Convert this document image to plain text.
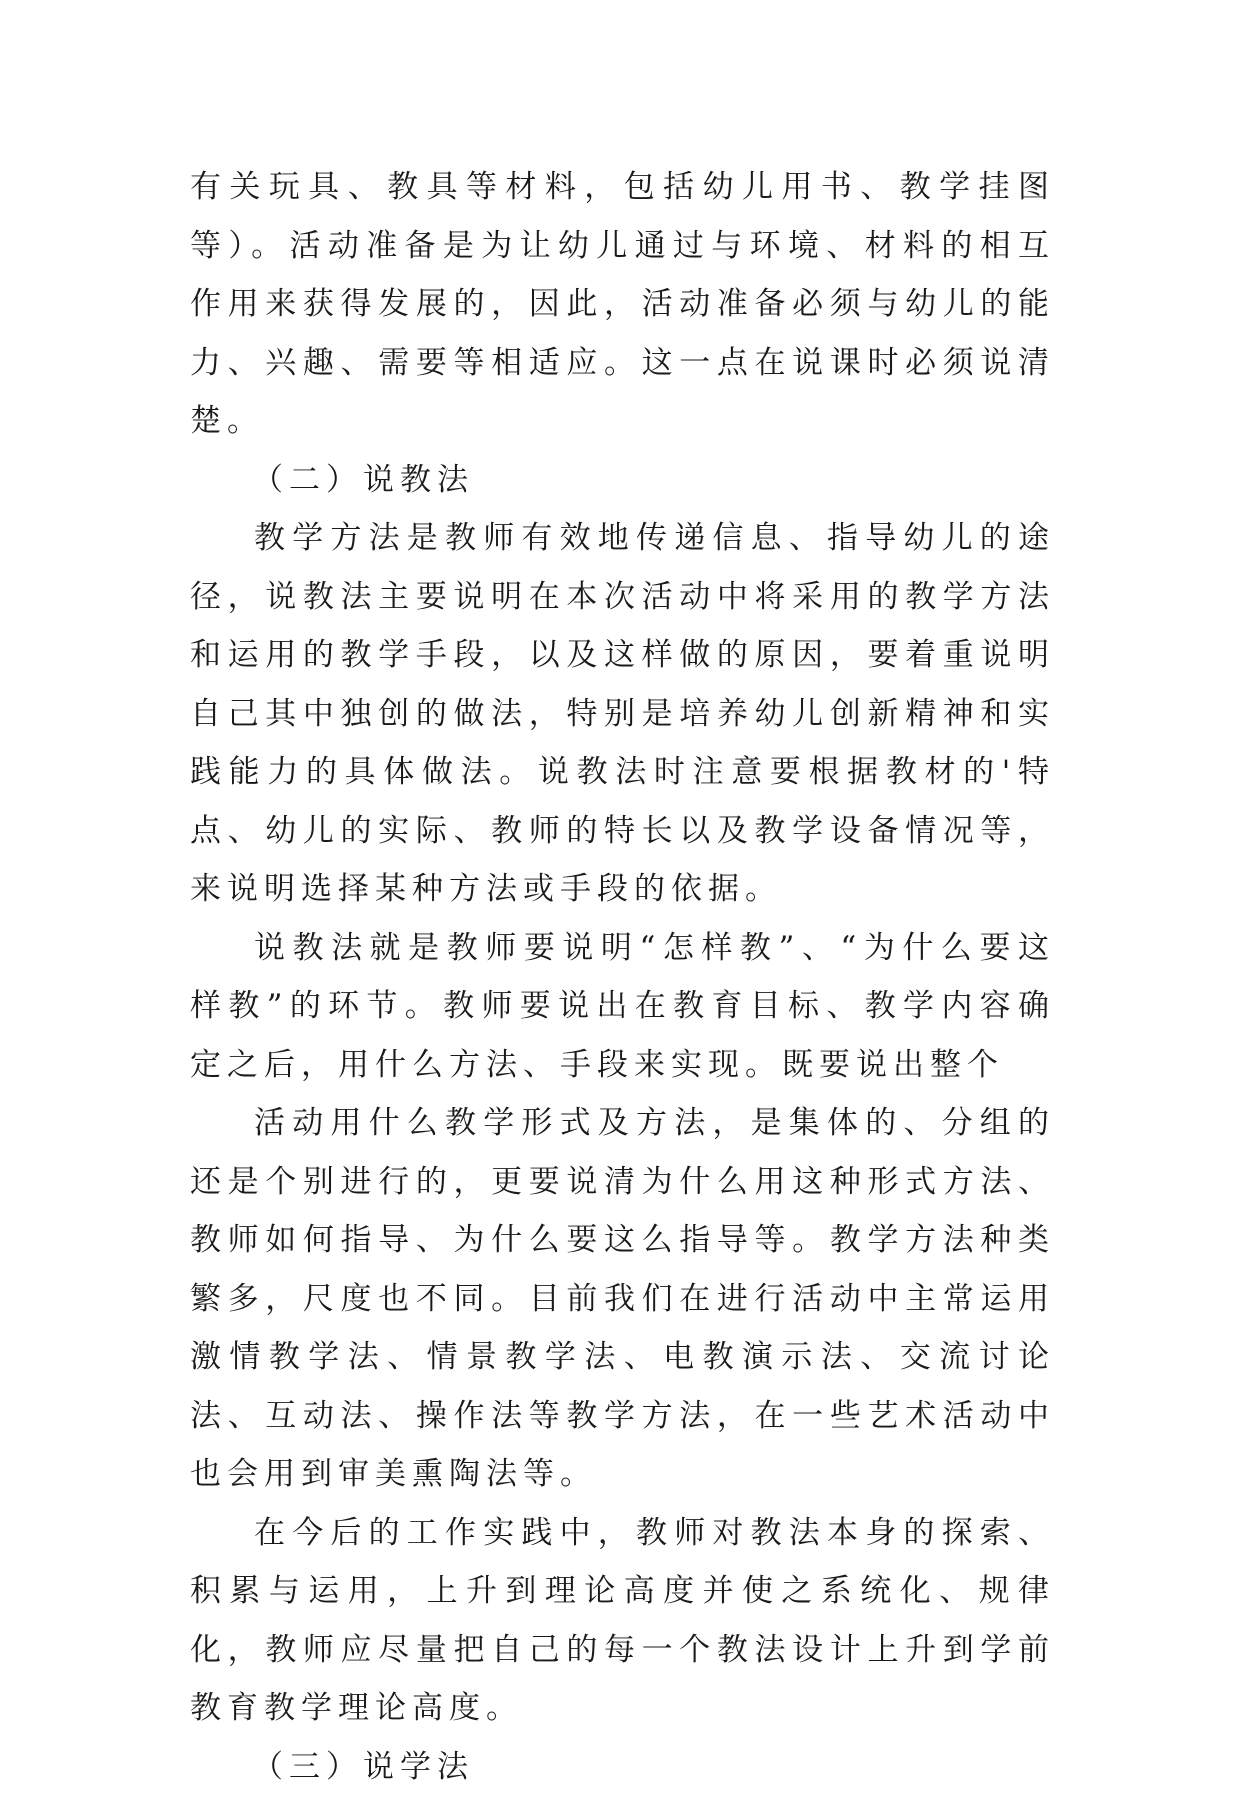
有关玩具、教具等材料，包括幼儿用书、教学挂图等）。活动准备是为让幼儿通过与环境、材料的相互作用来获得发展的，因此，活动准备必须与幼儿的能力、兴趣、需要等相适应。这一点在说课时必须说清楚。

（二）说教法

教学方法是教师有效地传递信息、指导幼儿的途径，说教法主要说明在本次活动中将采用的教学方法和运用的教学手段，以及这样做的原因，要着重说明自己其中独创的做法，特别是培养幼儿创新精神和实践能力的具体做法。说教法时注意要根据教材的'特点、幼儿的实际、教师的特长以及教学设备情况等，来说明选择某种方法或手段的依据。

说教法就是教师要说明“怎样教”、“为什么要这样教”的环节。教师要说出在教育目标、教学内容确定之后，用什么方法、手段来实现。既要说出整个

活动用什么教学形式及方法，是集体的、分组的还是个别进行的，更要说清为什么用这种形式方法、教师如何指导、为什么要这么指导等。教学方法种类繁多，尺度也不同。目前我们在进行活动中主常运用激情教学法、情景教学法、电教演示法、交流讨论法、互动法、操作法等教学方法，在一些艺术活动中也会用到审美熏陶法等。

在今后的工作实践中，教师对教法本身的探索、积累与运用，上升到理论高度并使之系统化、规律化，教师应尽量把自己的每一个教法设计上升到学前教育教学理论高度。

（三）说学法
